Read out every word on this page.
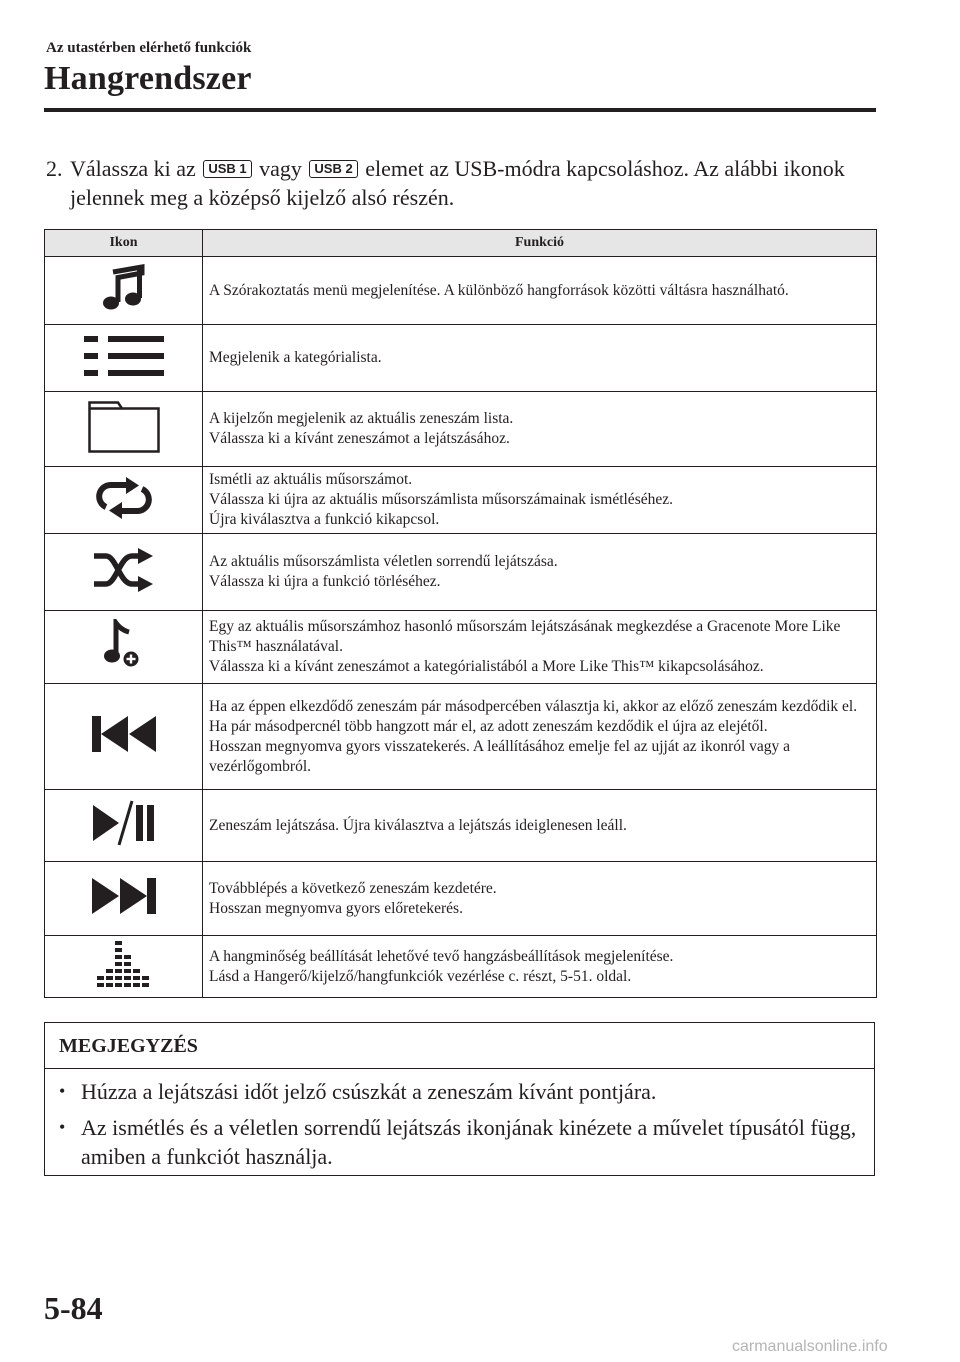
Az utastérben elérhető funkciók
Hangrendszer
2. Válassza ki az USB 1 vagy USB 2 elemet az USB-módra kapcsoláshoz. Az alábbi ikonok jelennek meg a középső kijelző alsó részén.
Ikon	Funkció

A Szórakoztatás menü megjelenítése. A különböző hangforrások közötti váltásra használható.

Megjelenik a kategórialista.

A kijelzőn megjelenik az aktuális zeneszám lista.
Válassza ki a kívánt zeneszámot a lejátszásához.

Ismétli az aktuális műsorszámot.
Válassza ki újra az aktuális műsorszámlista műsorszámainak ismétléséhez.
Újra kiválasztva a funkció kikapcsol.

Az aktuális műsorszámlista véletlen sorrendű lejátszása.
Válassza ki újra a funkció törléséhez.

Egy az aktuális műsorszámhoz hasonló műsorszám lejátszásának megkezdése a Gracenote More Like This™ használatával.
Válassza ki a kívánt zeneszámot a kategórialistából a More Like This™ kikapcsolásához.

Ha az éppen elkezdődő zeneszám pár másodpercében választja ki, akkor az előző zeneszám kezdődik el.
Ha pár másodpercnél több hangzott már el, az adott zeneszám kezdődik el újra az elejétől.
Hosszan megnyomva gyors visszatekerés. A leállításához emelje fel az ujját az ikonról vagy a vezérlőgombról.

Zeneszám lejátszása. Újra kiválasztva a lejátszás ideiglenesen leáll.

Továbblépés a következő zeneszám kezdetére.
Hosszan megnyomva gyors előretekerés.

A hangminőség beállítását lehetővé tevő hangzásbeállítások megjelenítése.
Lásd a Hangerő/kijelző/hangfunkciók vezérlése c. részt, 5-51. oldal.
MEGJEGYZÉS
• Húzza a lejátszási időt jelző csúszkát a zeneszám kívánt pontjára.
• Az ismétlés és a véletlen sorrendű lejátszás ikonjának kinézete a művelet típusától függ, amiben a funkciót használja.
5-84
carmanualsonline.info
